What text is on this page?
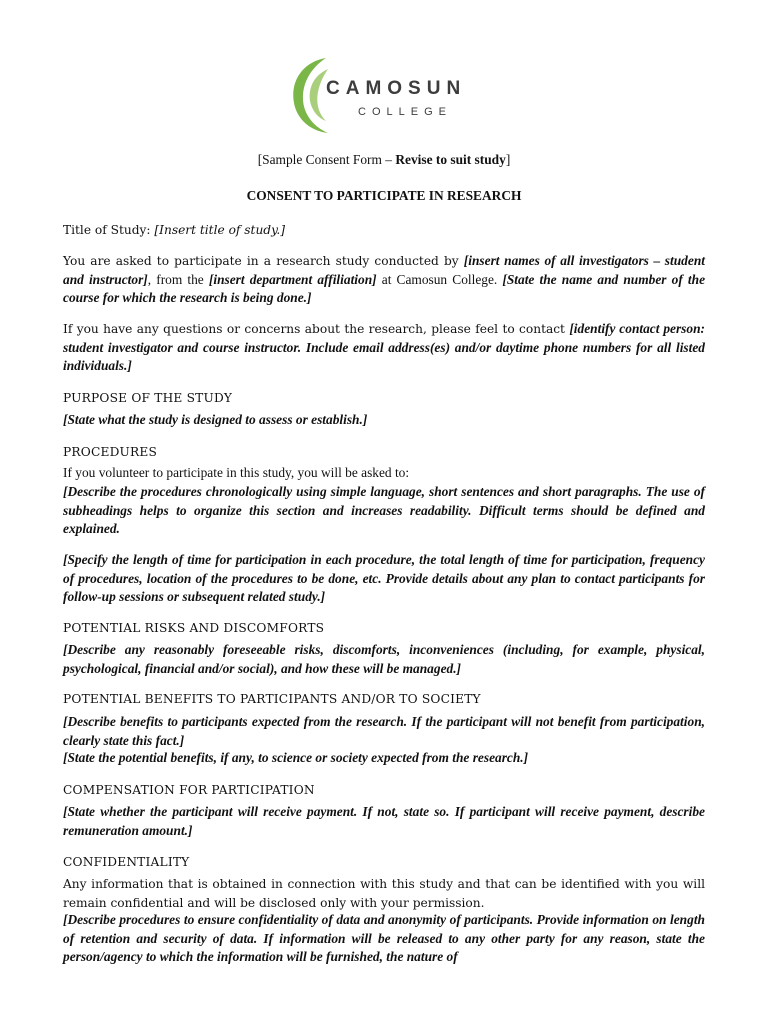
CAMOSUN
COLLEGE

[Sample Consent Form – Revise to suit study]

CONSENT TO PARTICIPATE IN RESEARCH

Title of Study: [Insert title of study.]

You are asked to participate in a research study conducted by [insert names of all investigators – student and instructor], from the [insert department affiliation] at Camosun College. [State the name and number of the course for which the research is being done.]

If you have any questions or concerns about the research, please feel to contact [identify contact person: student investigator and course instructor. Include email address(es) and/or daytime phone numbers for all listed individuals.]

PURPOSE OF THE STUDY

[State what the study is designed to assess or establish.]

PROCEDURES

If you volunteer to participate in this study, you will be asked to:

[Describe the procedures chronologically using simple language, short sentences and short paragraphs. The use of subheadings helps to organize this section and increases readability. Difficult terms should be defined and explained.

[Specify the length of time for participation in each procedure, the total length of time for participation, frequency of procedures, location of the procedures to be done, etc. Provide details about any plan to contact participants for follow-up sessions or subsequent related study.]

POTENTIAL RISKS AND DISCOMFORTS

[Describe any reasonably foreseeable risks, discomforts, inconveniences (including, for example, physical, psychological, financial and/or social), and how these will be managed.]

POTENTIAL BENEFITS TO PARTICIPANTS AND/OR TO SOCIETY

[Describe benefits to participants expected from the research. If the participant will not benefit from participation, clearly state this fact.]

[State the potential benefits, if any, to science or society expected from the research.]

COMPENSATION FOR PARTICIPATION

[State whether the participant will receive payment. If not, state so. If participant will receive payment, describe remuneration amount.]

CONFIDENTIALITY

Any information that is obtained in connection with this study and that can be identified with you will remain confidential and will be disclosed only with your permission.

[Describe procedures to ensure confidentiality of data and anonymity of participants. Provide information on length of retention and security of data. If information will be released to any other party for any reason, state the person/agency to which the information will be furnished, the nature of
